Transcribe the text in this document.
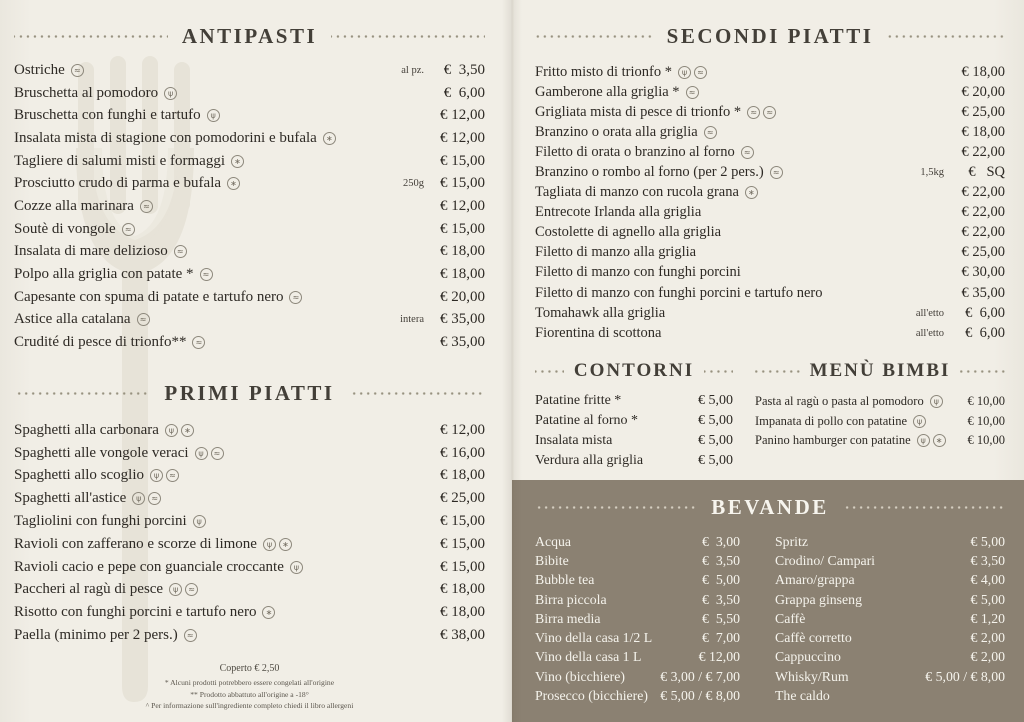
ANTIPASTI
Ostriche	≈	al pz.	€  3,50
Bruschetta al pomodoro	ψ	€  6,00
Bruschetta con funghi e tartufo	ψ	€ 12,00
Insalata mista di stagione con pomodorini e bufala	∗	€ 12,00
Tagliere di salumi misti e formaggi	∗	€ 15,00
Prosciutto crudo di parma e bufala	∗	250g	€ 15,00
Cozze alla marinara	≈	€ 12,00
Soutè di vongole	≈	€ 15,00
Insalata di mare delizioso	≈	€ 18,00
Polpo alla griglia con patate *	≈	€ 18,00
Capesante con spuma di patate e tartufo nero	≈	€ 20,00
Astice alla catalana	≈	intera	€ 35,00
Crudité di pesce di trionfo**	≈	€ 35,00
PRIMI PIATTI
Spaghetti alla carbonara	ψ	∗	€ 12,00
Spaghetti alle vongole veraci	ψ	≈	€ 16,00
Spaghetti allo scoglio	ψ	≈	€ 18,00
Spaghetti all'astice	ψ	≈	€ 25,00
Tagliolini con funghi porcini	ψ	€ 15,00
Ravioli con zafferano e scorze di limone	ψ	∗	€ 15,00
Ravioli cacio e pepe con guanciale croccante	ψ	€ 15,00
Paccheri al ragù di pesce	ψ	≈	€ 18,00
Risotto con funghi porcini e tartufo nero	∗	€ 18,00
Paella (minimo per 2 pers.)	≈	€ 38,00
Coperto € 2,50
* Alcuni prodotti potrebbero essere congelati all'origine
** Prodotto abbattuto all'origine a -18°
^ Per informazione sull'ingrediente completo chiedi il libro allergeni
SECONDI PIATTI
Fritto misto di trionfo *	ψ	≈	€ 18,00
Gamberone alla griglia *	≈	€ 20,00
Grigliata mista di pesce di trionfo *	≈	≈	€ 25,00
Branzino o orata alla griglia	≈	€ 18,00
Filetto di orata o branzino al forno	≈	€ 22,00
Branzino o rombo al forno (per 2 pers.)	≈	1,5kg	€   SQ
Tagliata di manzo con rucola grana	∗	€ 22,00
Entrecote Irlanda alla griglia	€ 22,00
Costolette di agnello alla griglia	€ 22,00
Filetto di manzo alla griglia	€ 25,00
Filetto di manzo con funghi porcini	€ 30,00
Filetto di manzo con funghi porcini e tartufo nero	€ 35,00
Tomahawk alla griglia	all'etto	€  6,00
Fiorentina di scottona	all'etto	€  6,00
CONTORNI
Patatine fritte *	€ 5,00
Patatine al forno *	€ 5,00
Insalata mista	€ 5,00
Verdura alla griglia	€ 5,00
MENÙ BIMBI
Pasta al ragù o pasta al pomodoro	ψ	€ 10,00
Impanata di pollo con patatine	ψ	€ 10,00
Panino hamburger con patatine	ψ	∗	€ 10,00
BEVANDE
Acqua	€  3,00
Bibite	€  3,50
Bubble tea	€  5,00
Birra piccola	€  3,50
Birra media	€  5,50
Vino della casa 1/2 L	€  7,00
Vino della casa 1 L	€ 12,00
Vino (bicchiere)	€ 3,00 / € 7,00
Prosecco (bicchiere) € 5,00 / € 8,00
Spritz	€ 5,00
Crodino/ Campari	€ 3,50
Amaro/grappa	€ 4,00
Grappa ginseng	€ 5,00
Caffè	€ 1,20
Caffè corretto	€ 2,00
Cappuccino	€ 2,00
Whisky/Rum	€ 5,00 / € 8,00
The caldo
